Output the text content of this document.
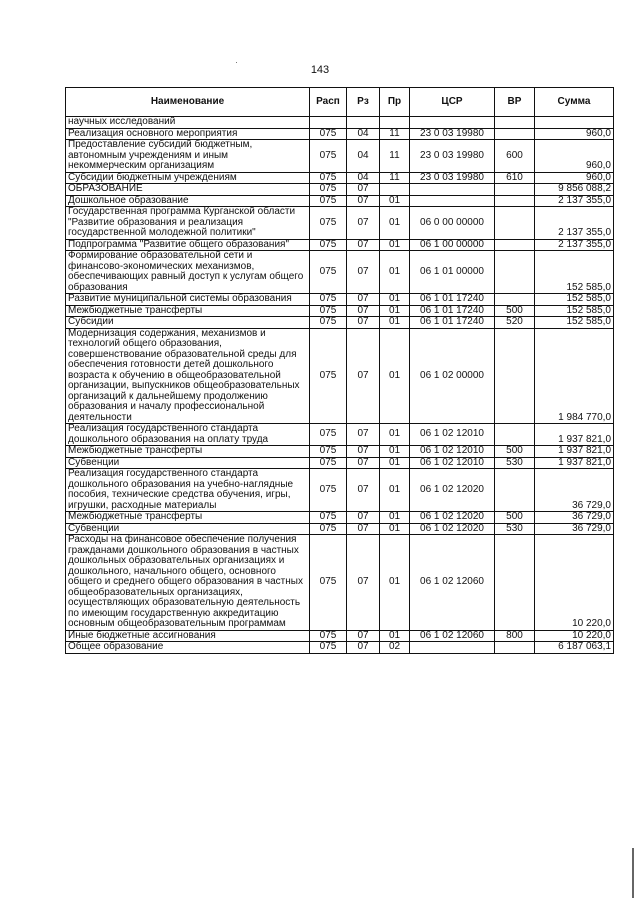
143
Наименование	Расп	Рз	Пр	ЦСР	ВР	Сумма
научных исследований						
Реализация основного мероприятия	075	04	11	23 0 03 19980		960,0
Предоставление субсидий бюджетным, автономным учреждениям и иным некоммерческим организациям	075	04	11	23 0 03 19980	600	960,0
Субсидии бюджетным учреждениям	075	04	11	23 0 03 19980	610	960,0
ОБРАЗОВАНИЕ	075	07				9 856 088,2
Дошкольное образование	075	07	01			2 137 355,0
Государственная программа Курганской области "Развитие образования и реализация государственной молодежной политики"	075	07	01	06 0 00 00000		2 137 355,0
Подпрограмма "Развитие общего образования"	075	07	01	06 1 00 00000		2 137 355,0
Формирование образовательной сети и финансово-экономических механизмов, обеспечивающих равный доступ к услугам общего образования	075	07	01	06 1 01 00000		152 585,0
Развитие муниципальной системы образования	075	07	01	06 1 01 17240		152 585,0
Межбюджетные трансферты	075	07	01	06 1 01 17240	500	152 585,0
Субсидии	075	07	01	06 1 01 17240	520	152 585,0
Модернизация содержания, механизмов и технологий общего образования, совершенствование образовательной среды для обеспечения готовности детей дошкольного возраста к обучению в общеобразовательной организации, выпускников общеобразовательных организаций к дальнейшему продолжению образования и началу профессиональной деятельности	075	07	01	06 1 02 00000		1 984 770,0
Реализация государственного стандарта дошкольного образования на оплату труда	075	07	01	06 1 02 12010		1 937 821,0
Межбюджетные трансферты	075	07	01	06 1 02 12010	500	1 937 821,0
Субвенции	075	07	01	06 1 02 12010	530	1 937 821,0
Реализация государственного стандарта дошкольного образования на учебно-наглядные пособия, технические средства обучения, игры, игрушки, расходные материалы	075	07	01	06 1 02 12020		36 729,0
Межбюджетные трансферты	075	07	01	06 1 02 12020	500	36 729,0
Субвенции	075	07	01	06 1 02 12020	530	36 729,0
Расходы на финансовое обеспечение получения гражданами дошкольного образования в частных дошкольных образовательных организациях и дошкольного, начального общего, основного общего и среднего общего образования в частных общеобразовательных организациях, осуществляющих образовательную деятельность по имеющим государственную аккредитацию основным общеобразовательным программам	075	07	01	06 1 02 12060		10 220,0
Иные бюджетные ассигнования	075	07	01	06 1 02 12060	800	10 220,0
Общее образование	075	07	02			6 187 063,1
